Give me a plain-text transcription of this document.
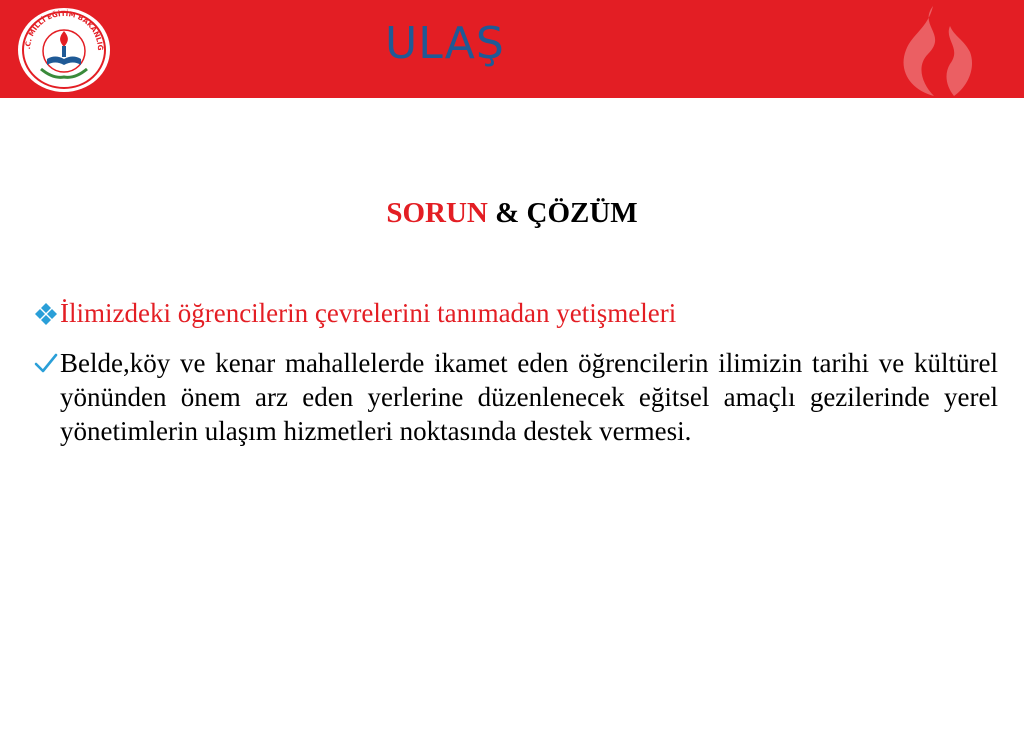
.C. MİLLİ EĞİTİM BAKANLIĞ	ULAŞ
SORUN & ÇÖZÜM
İlimizdeki öğrencilerin çevrelerini tanımadan yetişmeleri
Belde,köy ve kenar mahallelerde ikamet eden öğrencilerin ilimizin tarihi ve kültürel yönünden önem arz eden yerlerine düzenlenecek eğitsel amaçlı gezilerinde yerel yönetimlerin ulaşım hizmetleri noktasında destek vermesi.
